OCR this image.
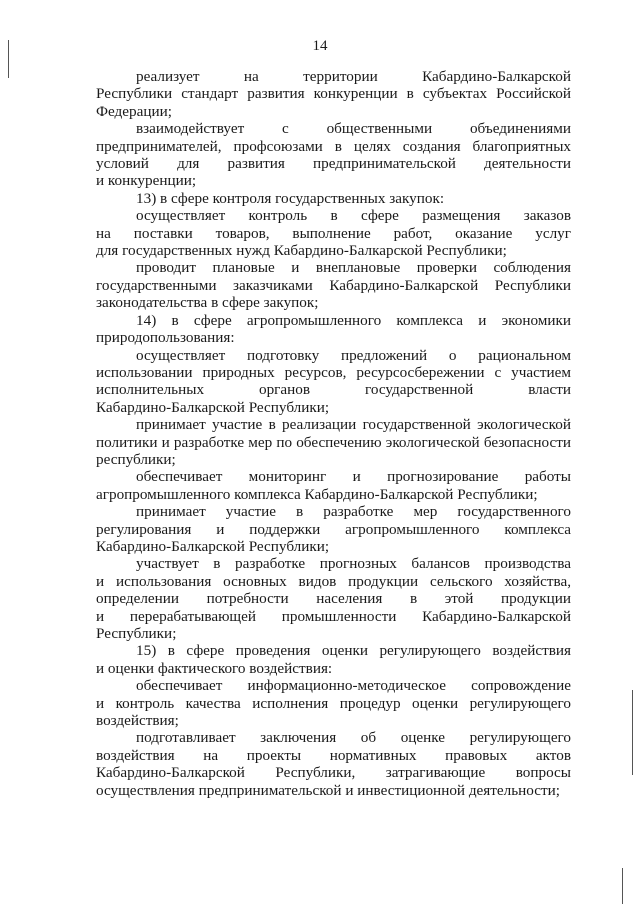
14

реализует на территории Кабардино-Балкарской
Республики стандарт развития конкуренции в субъектах Российской
Федерации;

взаимодействует с общественными объединениями
предпринимателей, профсоюзами в целях создания благоприятных
условий для развития предпринимательской деятельности
и конкуренции;

13) в сфере контроля государственных закупок:

осуществляет контроль в сфере размещения заказов
на поставки товаров, выполнение работ, оказание услуг
для государственных нужд Кабардино-Балкарской Республики;

проводит плановые и внеплановые проверки соблюдения
государственными заказчиками Кабардино-Балкарской Республики
законодательства в сфере закупок;

14) в сфере агропромышленного комплекса и экономики
природопользования:

осуществляет подготовку предложений о рациональном
использовании природных ресурсов, ресурсосбережении с участием
исполнительных органов государственной власти
Кабардино-Балкарской Республики;

принимает участие в реализации государственной экологической
политики и разработке мер по обеспечению экологической безопасности
республики;

обеспечивает мониторинг и прогнозирование работы
агропромышленного комплекса Кабардино-Балкарской Республики;

принимает участие в разработке мер государственного
регулирования и поддержки агропромышленного комплекса
Кабардино-Балкарской Республики;

участвует в разработке прогнозных балансов производства
и использования основных видов продукции сельского хозяйства,
определении потребности населения в этой продукции
и перерабатывающей промышленности Кабардино-Балкарской
Республики;

15) в сфере проведения оценки регулирующего воздействия
и оценки фактического воздействия:

обеспечивает информационно-методическое сопровождение
и контроль качества исполнения процедур оценки регулирующего
воздействия;

подготавливает заключения об оценке регулирующего
воздействия на проекты нормативных правовых актов
Кабардино-Балкарской Республики, затрагивающие вопросы
осуществления предпринимательской и инвестиционной деятельности;
